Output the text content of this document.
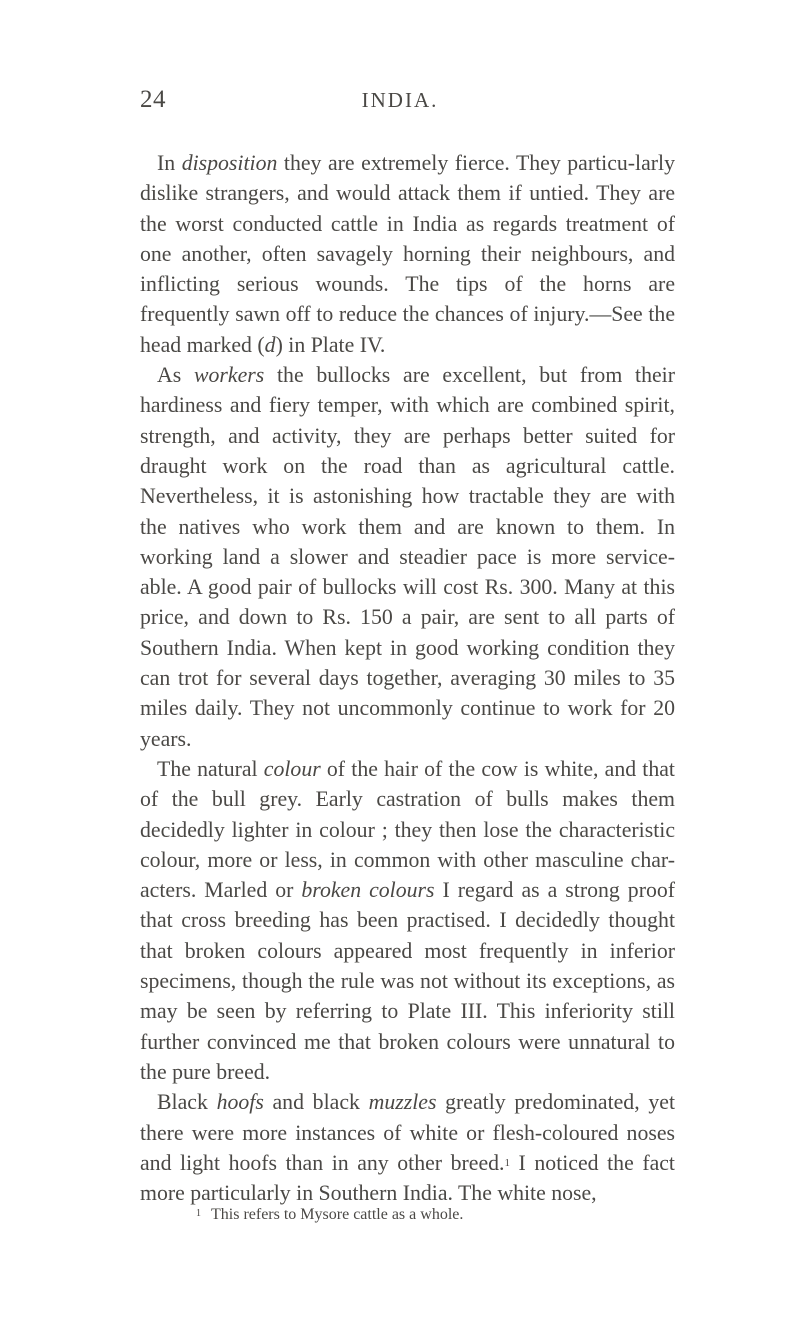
24	INDIA.

In disposition they are extremely fierce. They particu-larly dislike strangers, and would attack them if untied. They are the worst conducted cattle in India as regards treatment of one another, often savagely horning their neighbours, and inflicting serious wounds. The tips of the horns are frequently sawn off to reduce the chances of injury.—See the head marked (d) in Plate IV.

As workers the bullocks are excellent, but from their hardiness and fiery temper, with which are combined spirit, strength, and activity, they are perhaps better suited for draught work on the road than as agricultural cattle. Nevertheless, it is astonishing how tractable they are with the natives who work them and are known to them. In working land a slower and steadier pace is more service-able. A good pair of bullocks will cost Rs. 300. Many at this price, and down to Rs. 150 a pair, are sent to all parts of Southern India. When kept in good working condition they can trot for several days together, averaging 30 miles to 35 miles daily. They not uncommonly continue to work for 20 years.

The natural colour of the hair of the cow is white, and that of the bull grey. Early castration of bulls makes them decidedly lighter in colour ; they then lose the characteristic colour, more or less, in common with other masculine char-acters. Marled or broken colours I regard as a strong proof that cross breeding has been practised. I decidedly thought that broken colours appeared most frequently in inferior specimens, though the rule was not without its exceptions, as may be seen by referring to Plate III. This inferiority still further convinced me that broken colours were unnatural to the pure breed.

Black hoofs and black muzzles greatly predominated, yet there were more instances of white or flesh-coloured noses and light hoofs than in any other breed.$^1$ I noticed the fact more particularly in Southern India. The white nose,

$^1$ This refers to Mysore cattle as a whole.
